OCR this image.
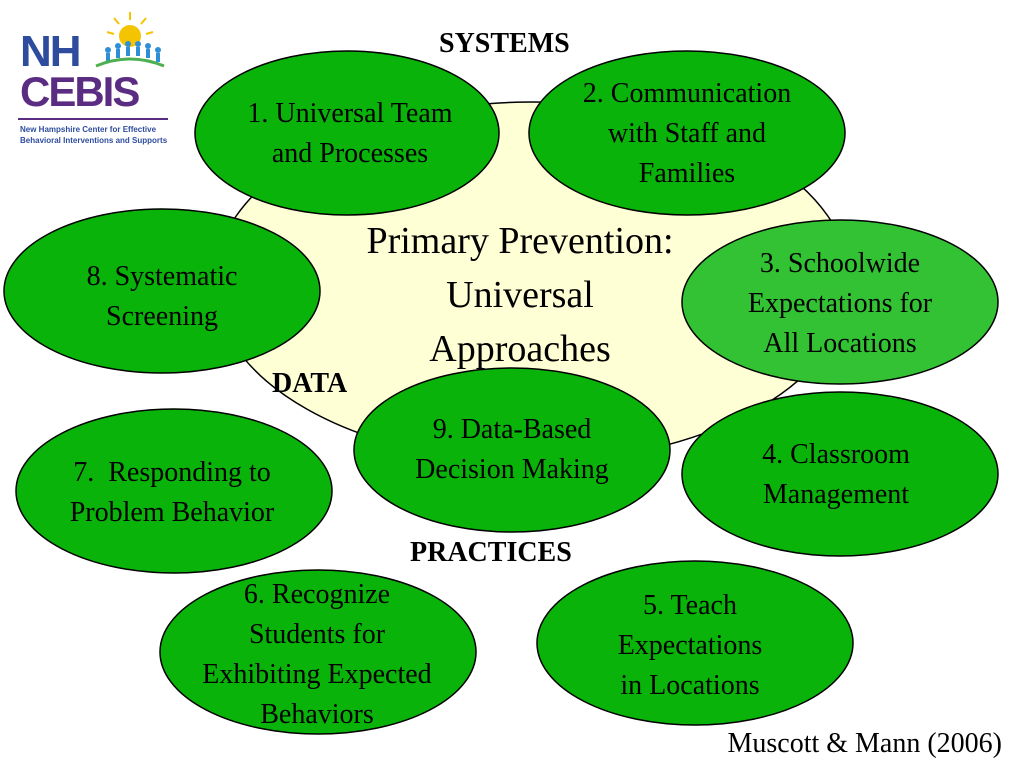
NH
CEBIS
New Hampshire Center for Effective
Behavioral Interventions and Supports
SYSTEMS
DATA
PRACTICES
Primary Prevention:
Universal
Approaches
1. Universal Team
and Processes
2. Communication
with Staff and
Families
3. Schoolwide
Expectations for
All Locations
8. Systematic
Screening
9. Data-Based
Decision Making	4. Classroom
Management
7.  Responding to
Problem Behavior
6. Recognize
Students for
Exhibiting Expected
Behaviors
5. Teach
Expectations
in Locations
Muscott & Mann (2006)
